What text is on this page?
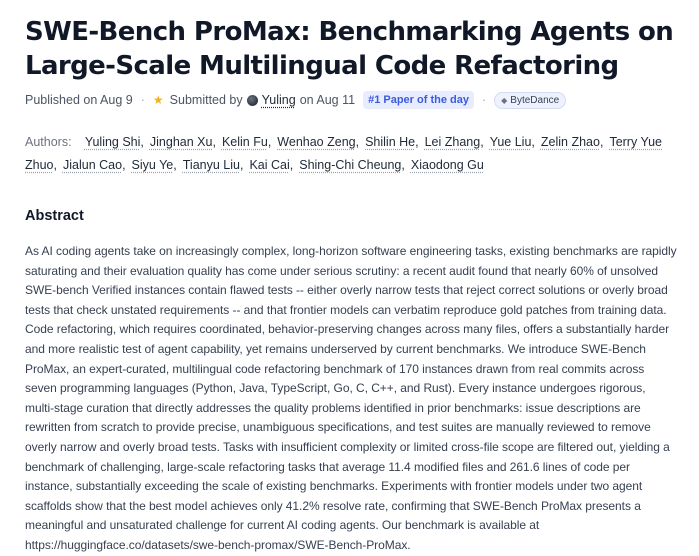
SWE-Bench ProMax: Benchmarking Agents on Large-Scale Multilingual Code Refactoring
Published on Aug 9 · ★ Submitted by Yuling on Aug 11	#1 Paper of the day	· ◆ ByteDance
Authors: Yuling Shi, Jinghan Xu, Kelin Fu, Wenhao Zeng, Shilin He, Lei Zhang, Yue Liu, Zelin Zhao, Terry Yue Zhuo, Jialun Cao, Siyu Ye, Tianyu Liu, Kai Cai, Shing-Chi Cheung, Xiaodong Gu
Abstract

As AI coding agents take on increasingly complex, long-horizon software engineering tasks, existing benchmarks are rapidly saturating and their evaluation quality has come under serious scrutiny: a recent audit found that nearly 60% of unsolved SWE-bench Verified instances contain flawed tests -- either overly narrow tests that reject correct solutions or overly broad tests that check unstated requirements -- and that frontier models can verbatim reproduce gold patches from training data. Code refactoring, which requires coordinated, behavior-preserving changes across many files, offers a substantially harder and more realistic test of agent capability, yet remains underserved by current benchmarks. We introduce SWE-Bench ProMax, an expert-curated, multilingual code refactoring benchmark of 170 instances drawn from real commits across seven programming languages (Python, Java, TypeScript, Go, C, C++, and Rust). Every instance undergoes rigorous, multi-stage curation that directly addresses the quality problems identified in prior benchmarks: issue descriptions are rewritten from scratch to provide precise, unambiguous specifications, and test suites are manually reviewed to remove overly narrow and overly broad tests. Tasks with insufficient complexity or limited cross-file scope are filtered out, yielding a benchmark of challenging, large-scale refactoring tasks that average 11.4 modified files and 261.6 lines of code per instance, substantially exceeding the scale of existing benchmarks. Experiments with frontier models under two agent scaffolds show that the best model achieves only 41.2% resolve rate, confirming that SWE-Bench ProMax presents a meaningful and unsaturated challenge for current AI coding agents. Our benchmark is available at https://huggingface.co/datasets/swe-bench-promax/SWE-Bench-ProMax.
